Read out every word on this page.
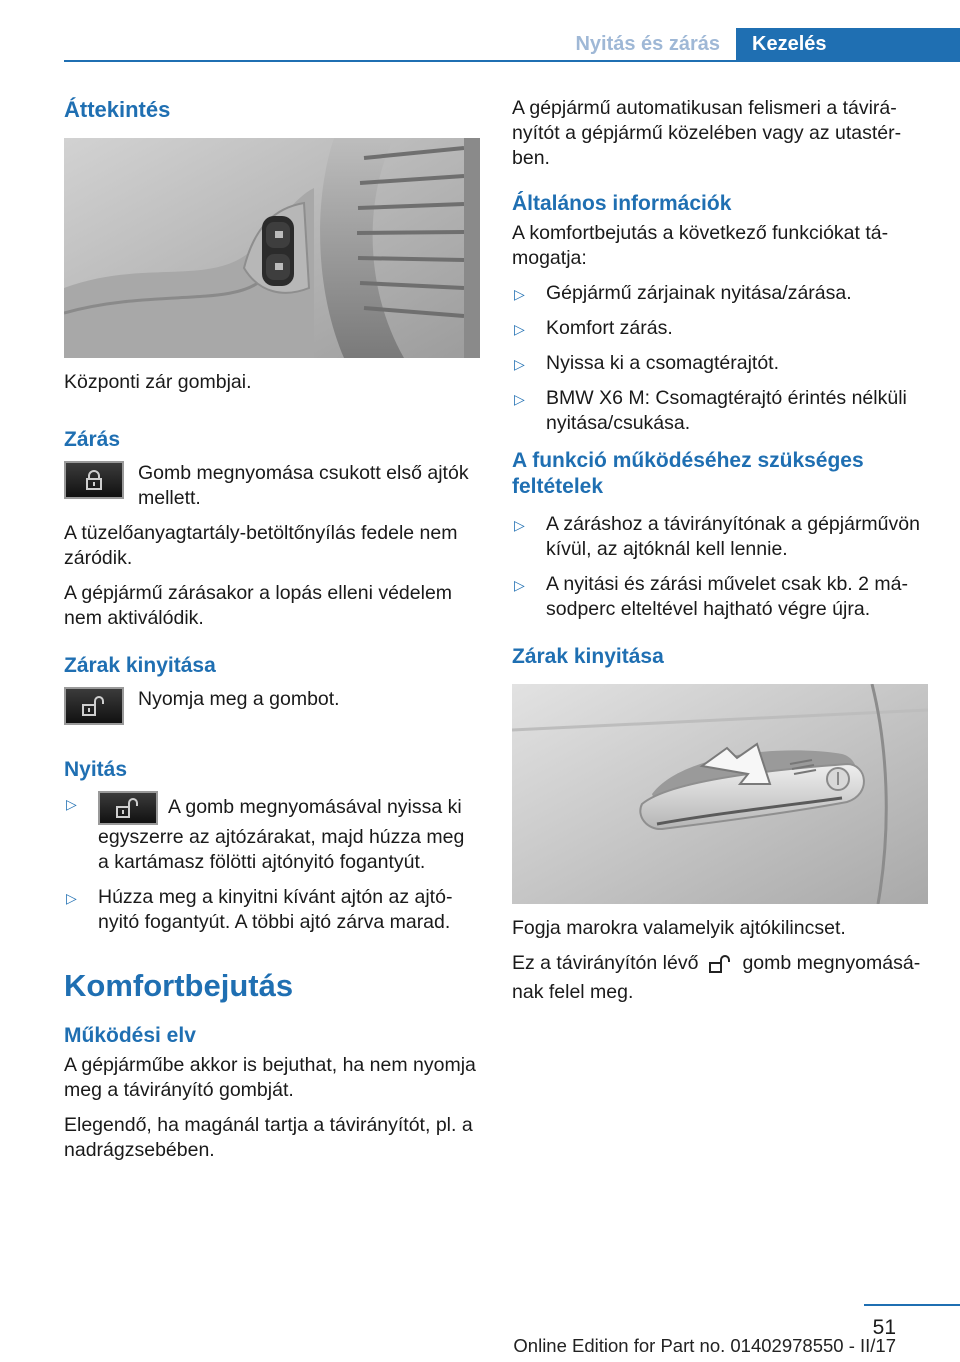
Nyitás és zárás	Kezelés
Áttekintés

Központi zár gombjai.

Zárás
Gomb megnyomása csukott első ajtók mellett.

A tüzelőanyagtartály-betöltőnyílás fedele nem záródik.

A gépjármű zárásakor a lopás elleni védelem nem aktiválódik.

Zárak kinyitása
Nyomja meg a gombot.
Nyitás
▷	A gomb megnyomásával nyissa ki egyszerre az ajtózárakat, majd húzza meg a kartámasz fölötti ajtónyitó fogantyút.
▷ Húzza meg a kinyitni kívánt ajtón az ajtónyitó fogantyút. A többi ajtó zárva marad.
Komfortbejutás
Működési elv

A gépjárműbe akkor is bejuthat, ha nem nyomja meg a távirányító gombját.

Elegendő, ha magánál tartja a távirányítót, pl. a nadrágzsebében.

A gépjármű automatikusan felismeri a távirányítót a gépjármű közelében vagy az utastérben.

Általános információk

A komfortbejutás a következő funkciókat támogatja:

▷ Gépjármű zárjainak nyitása/zárása.
▷ Komfort zárás.
▷ Nyissa ki a csomagtérajtót.
▷ BMW X6 M: Csomagtérajtó érintés nélküli nyitása/csukása.
A funkció működéséhez szükséges feltételek
▷ A záráshoz a távirányítónak a gépjárművön kívül, az ajtóknál kell lennie.
▷ A nyitási és zárási művelet csak kb. 2 másodperc elteltével hajtható végre újra.
Zárak kinyitása

Fogja marokra valamelyik ajtókilincset.

Ez a távirányítón lévő gomb megnyomásának felel meg.

51
Online Edition for Part no. 01402978550 - II/17
